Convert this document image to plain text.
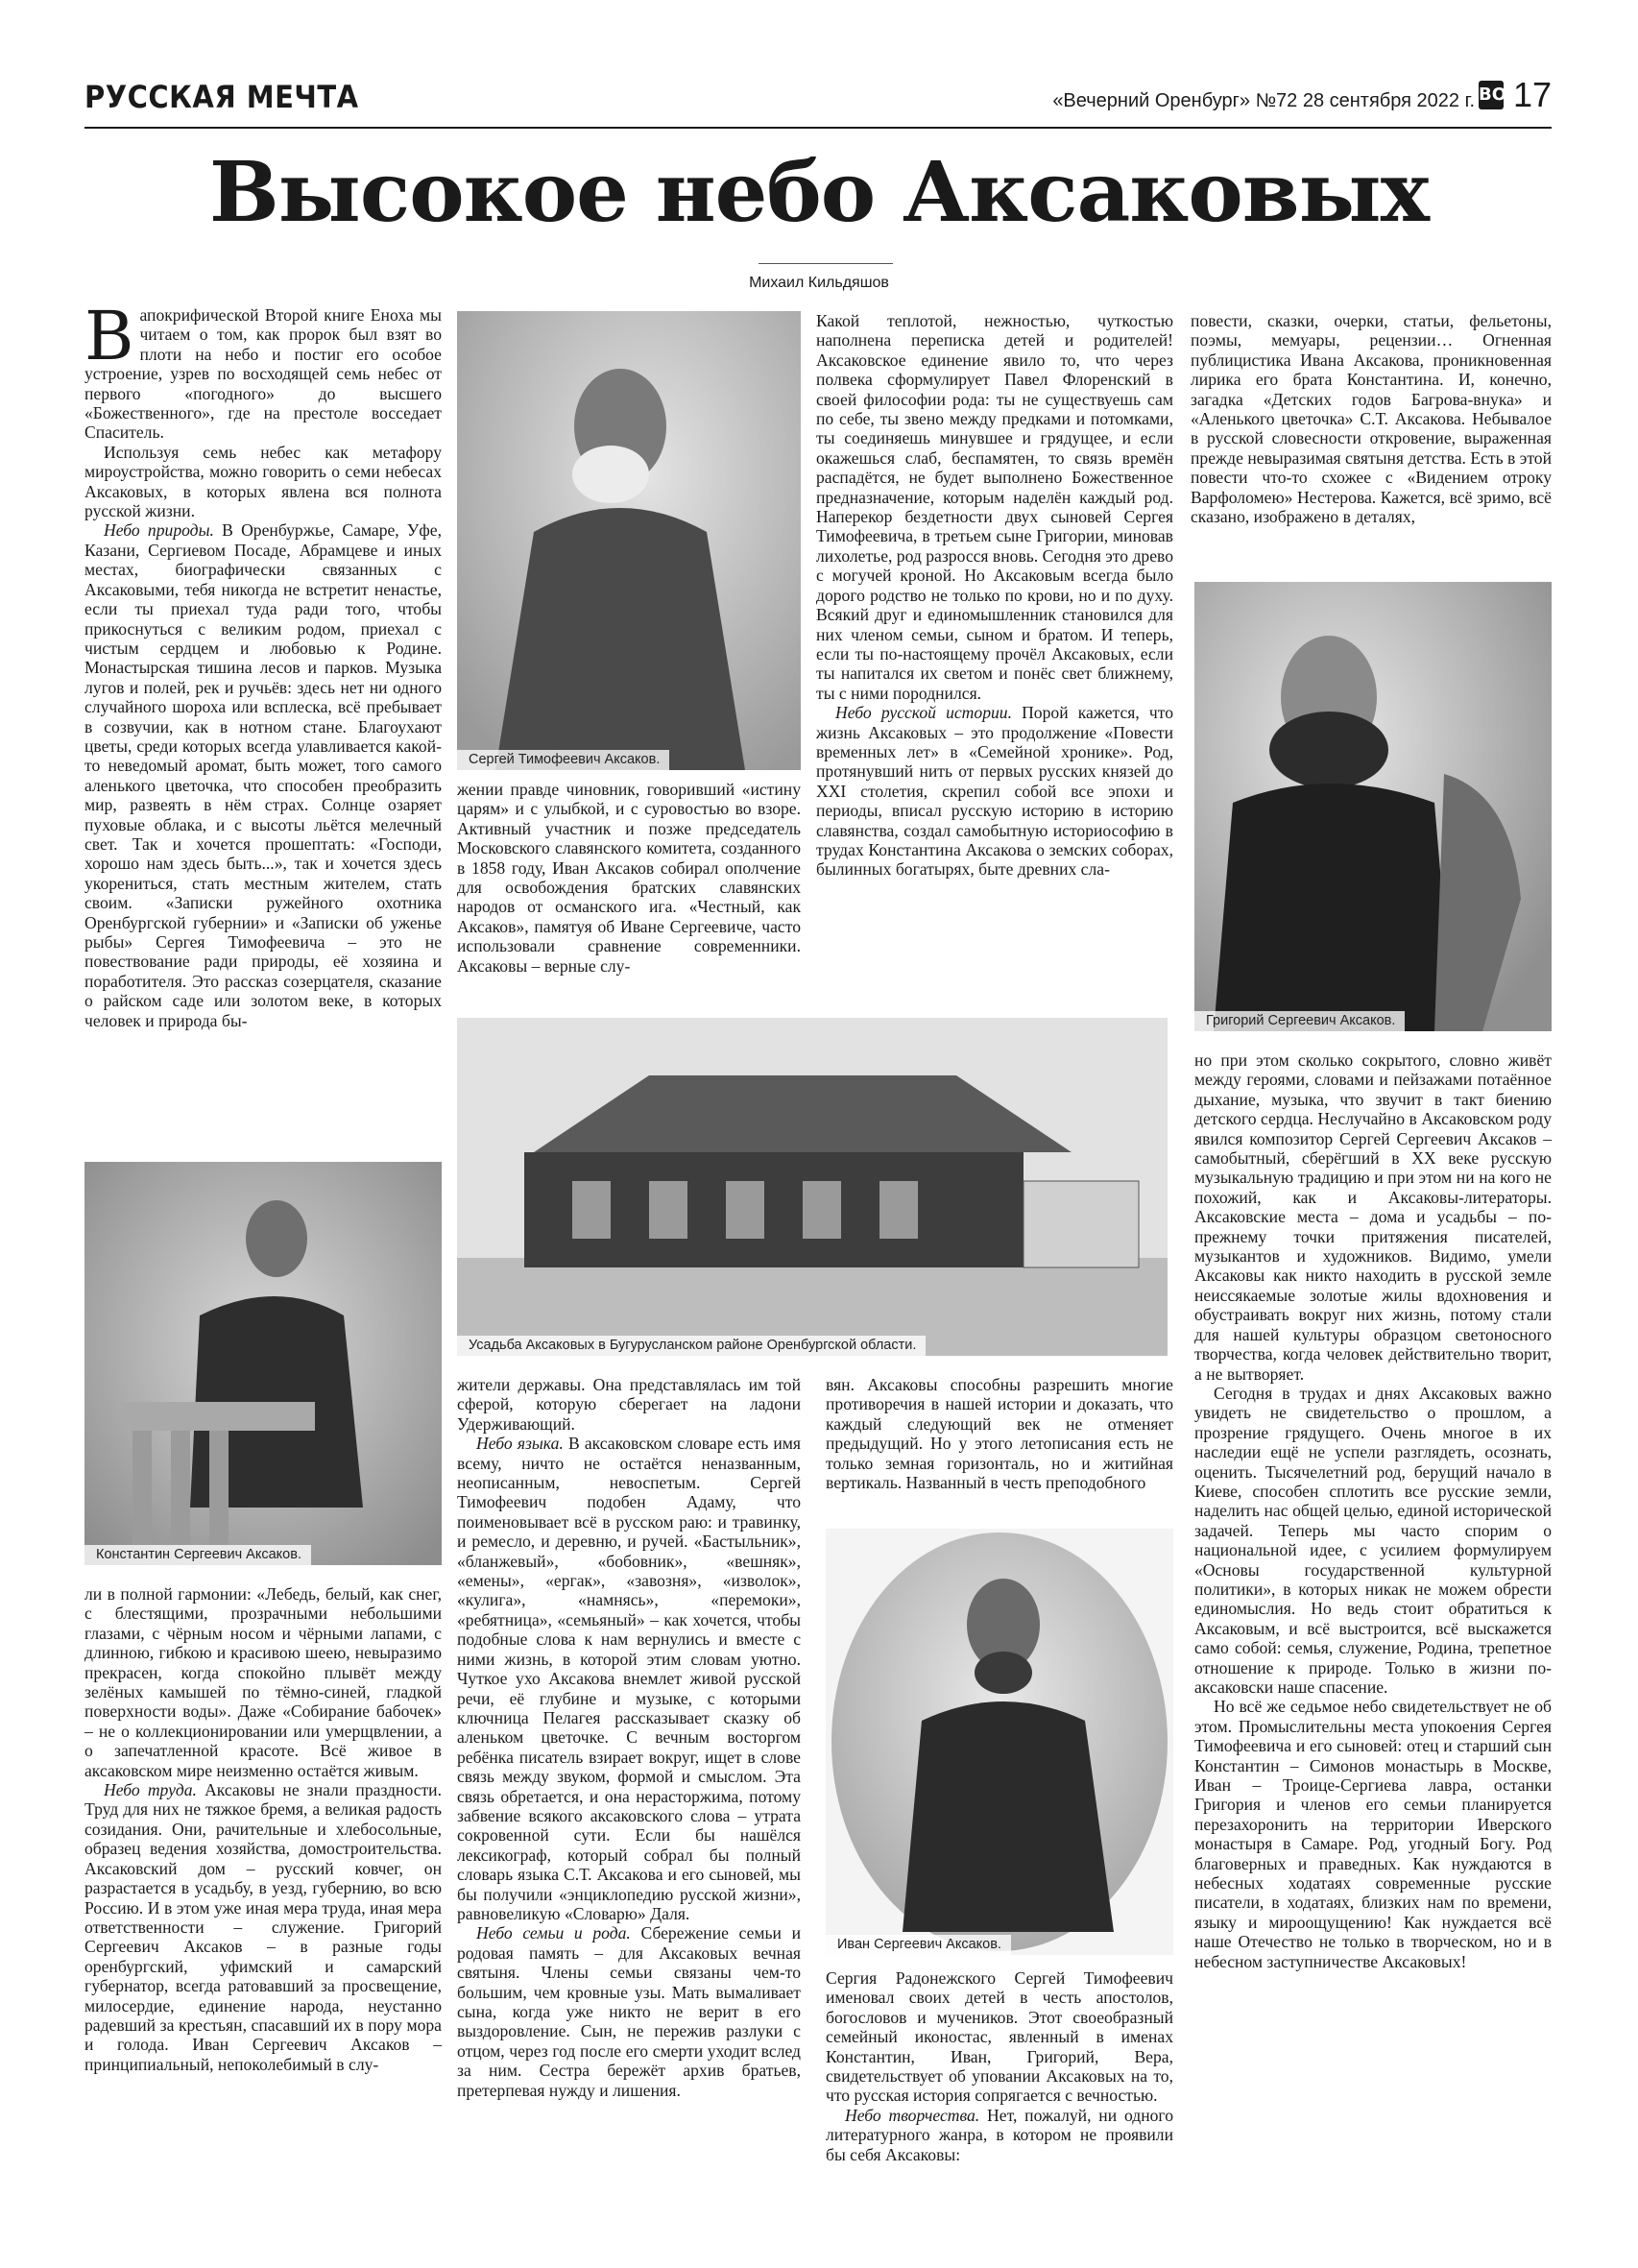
РУССКАЯ МЕЧТА	«Вечерний Оренбург» №72 28 сентября 2022 г. ВО 17
Высокое небо Аксаковых
Михаил Кильдяшов

Вапокрифической Второй книге Еноха мы читаем о том, как пророк был взят во плоти на небо и постиг его особое устроение, узрев по восходящей семь небес от первого «погодного» до высшего «Божественного», где на престоле восседает Спаситель.

Используя семь небес как метафору мироустройства, можно говорить о семи небесах Аксаковых, в которых явлена вся полнота русской жизни.

Небо природы. В Оренбуржье, Самаре, Уфе, Казани, Сергиевом Посаде, Абрамцеве и иных местах, биографически связанных с Аксаковыми, тебя никогда не встретит ненастье, если ты приехал туда ради того, чтобы прикоснуться с великим родом, приехал с чистым сердцем и любовью к Родине. Монастырская тишина лесов и парков. Музыка лугов и полей, рек и ручьёв: здесь нет ни одного случайного шороха или всплеска, всё пребывает в созвучии, как в нотном стане. Благоухают цветы, среди которых всегда улавливается какой-то неведомый аромат, быть может, того самого аленького цветочка, что способен преобразить мир, развеять в нём страх. Солнце озаряет пуховые облака, и с высоты льётся мелечный свет. Так и хочется прошептать: «Господи, хорошо нам здесь быть...», так и хочется здесь укорениться, стать местным жителем, стать своим. «Записки ружейного охотника Оренбургской губернии» и «Записки об уженье рыбы» Сергея Тимофеевича – это не повествование ради природы, её хозяина и поработителя. Это рассказ созерцателя, сказание о райском саде или золотом веке, в которых человек и природа бы-

Константин Сергеевич Аксаков.

ли в полной гармонии: «Лебедь, белый, как снег, с блестящими, прозрачными небольшими глазами, с чёрным носом и чёрными лапами, с длинною, гибкою и красивою шеею, невыразимо прекрасен, когда спокойно плывёт между зелёных камышей по тёмно-синей, гладкой поверхности воды». Даже «Собирание бабочек» – не о коллекционировании или умерщвлении, а о запечатленной красоте. Всё живое в аксаковском мире неизменно остаётся живым.

Небо труда. Аксаковы не знали праздности. Труд для них не тяжкое бремя, а великая радость созидания. Они, рачительные и хлебосольные, образец ведения хозяйства, домостроительства. Аксаковский дом – русский ковчег, он разрастается в усадьбу, в уезд, губернию, во всю Россию. И в этом уже иная мера труда, иная мера ответственности – служение. Григорий Сергеевич Аксаков – в разные годы оренбургский, уфимский и самарский губернатор, всегда ратовавший за просвещение, милосердие, единение народа, неустанно радевший за крестьян, спасавший их в пору мора и голода. Иван Сергеевич Аксаков – принципиальный, непоколебимый в слу-

Сергей Тимофеевич Аксаков.

жении правде чиновник, говоривший «истину царям» и с улыбкой, и с суровостью во взоре. Активный участник и позже председатель Московского славянского комитета, созданного в 1858 году, Иван Аксаков собирал ополчение для освобождения братских славянских народов от османского ига. «Честный, как Аксаков», памятуя об Иване Сергеевиче, часто использовали сравнение современники. Аксаковы – верные слу-

Усадьба Аксаковых в Бугурусланском районе Оренбургской области.

жители державы. Она представлялась им той сферой, которую сберегает на ладони Удерживающий.

Небо языка. В аксаковском словаре есть имя всему, ничто не остаётся неназванным, неописанным, невоспетым. Сергей Тимофеевич подобен Адаму, что поименовывает всё в русском раю: и травинку, и ремесло, и деревню, и ручей. «Бастыльник», «бланжевый», «бобовник», «вешняк», «емены», «ергак», «завозня», «изволок», «кулига», «намнясь», «перемоки», «ребятница», «семьяный» – как хочется, чтобы подобные слова к нам вернулись и вместе с ними жизнь, в которой этим словам уютно. Чуткое ухо Аксакова внемлет живой русской речи, её глубине и музыке, с которыми ключница Пелагея рассказывает сказку об аленьком цветочке. С вечным восторгом ребёнка писатель взирает вокруг, ищет в слове связь между звуком, формой и смыслом. Эта связь обретается, и она нерасторжима, потому забвение всякого аксаковского слова – утрата сокровенной сути. Если бы нашёлся лексикограф, который собрал бы полный словарь языка С.Т. Аксакова и его сыновей, мы бы получили «энциклопедию русской жизни», равновеликую «Словарю» Даля.

Небо семьи и рода. Сбережение семьи и родовая память – для Аксаковых вечная святыня. Члены семьи связаны чем-то большим, чем кровные узы. Мать вымаливает сына, когда уже никто не верит в его выздоровление. Сын, не пережив разлуки с отцом, через год после его смерти уходит вслед за ним. Сестра бережёт архив братьев, претерпевая нужду и лишения.

Какой теплотой, нежностью, чуткостью наполнена переписка детей и родителей! Аксаковское единение явило то, что через полвека сформулирует Павел Флоренский в своей философии рода: ты не существуешь сам по себе, ты звено между предками и потомками, ты соединяешь минувшее и грядущее, и если окажешься слаб, беспамятен, то связь времён распадётся, не будет выполнено Божественное предназначение, которым наделён каждый род. Наперекор бездетности двух сыновей Сергея Тимофеевича, в третьем сыне Григории, миновав лихолетье, род разросся вновь. Сегодня это древо с могучей кроной. Но Аксаковым всегда было дорого родство не только по крови, но и по духу. Всякий друг и единомышленник становился для них членом семьи, сыном и братом. И теперь, если ты по-настоящему прочёл Аксаковых, если ты напитался их светом и понёс свет ближнему, ты с ними породнился.

Небо русской истории. Порой кажется, что жизнь Аксаковых – это продолжение «Повести временных лет» в «Семейной хронике». Род, протянувший нить от первых русских князей до XXI столетия, скрепил собой все эпохи и периоды, вписал русскую историю в историю славянства, создал самобытную историософию в трудах Константина Аксакова о земских соборах, былинных богатырях, быте древних сла-

вян. Аксаковы способны разрешить многие противоречия в нашей истории и доказать, что каждый следующий век не отменяет предыдущий. Но у этого летописания есть не только земная горизонталь, но и житийная вертикаль. Названный в честь преподобного

Иван Сергеевич Аксаков.

Сергия Радонежского Сергей Тимофеевич именовал своих детей в честь апостолов, богословов и мучеников. Этот своеобразный семейный иконостас, явленный в именах Константин, Иван, Григорий, Вера, свидетельствует об уповании Аксаковых на то, что русская история сопрягается с вечностью.

Небо творчества. Нет, пожалуй, ни одного литературного жанра, в котором не проявили бы себя Аксаковы:

повести, сказки, очерки, статьи, фельетоны, поэмы, мемуары, рецензии… Огненная публицистика Ивана Аксакова, проникновенная лирика его брата Константина. И, конечно, загадка «Детских годов Багрова-внука» и «Аленького цветочка» С.Т. Аксакова. Небывалое в русской словесности откровение, выраженная прежде невыразимая святыня детства. Есть в этой повести что-то схожее с «Видением отроку Варфоломею» Нестерова. Кажется, всё зримо, всё сказано, изображено в деталях,

Григорий Сергеевич Аксаков.

но при этом сколько сокрытого, словно живёт между героями, словами и пейзажами потаённое дыхание, музыка, что звучит в такт биению детского сердца. Неслучайно в Аксаковском роду явился композитор Сергей Сергеевич Аксаков – самобытный, сберёгший в XX веке русскую музыкальную традицию и при этом ни на кого не похожий, как и Аксаковы-литераторы. Аксаковские места – дома и усадьбы – по-прежнему точки притяжения писателей, музыкантов и художников. Видимо, умели Аксаковы как никто находить в русской земле неиссякаемые золотые жилы вдохновения и обустраивать вокруг них жизнь, потому стали для нашей культуры образцом светоносного творчества, когда человек действительно творит, а не вытворяет.

Сегодня в трудах и днях Аксаковых важно увидеть не свидетельство о прошлом, а прозрение грядущего. Очень многое в их наследии ещё не успели разглядеть, осознать, оценить. Тысячелетний род, берущий начало в Киеве, способен сплотить все русские земли, наделить нас общей целью, единой исторической задачей. Теперь мы часто спорим о национальной идее, с усилием формулируем «Основы государственной культурной политики», в которых никак не можем обрести единомыслия. Но ведь стоит обратиться к Аксаковым, и всё выстроится, всё выскажется само собой: семья, служение, Родина, трепетное отношение к природе. Только в жизни по-аксаковски наше спасение.

Но всё же седьмое небо свидетельствует не об этом. Промыслительны места упокоения Сергея Тимофеевича и его сыновей: отец и старший сын Константин – Симонов монастырь в Москве, Иван – Троице-Сергиева лавра, останки Григория и членов его семьи планируется перезахоронить на территории Иверского монастыря в Самаре. Род, угодный Богу. Род благоверных и праведных. Как нуждаются в небесных ходатаях современные русские писатели, в ходатаях, близких нам по времени, языку и мироощущению! Как нуждается всё наше Отечество не только в творческом, но и в небесном заступничестве Аксаковых!
